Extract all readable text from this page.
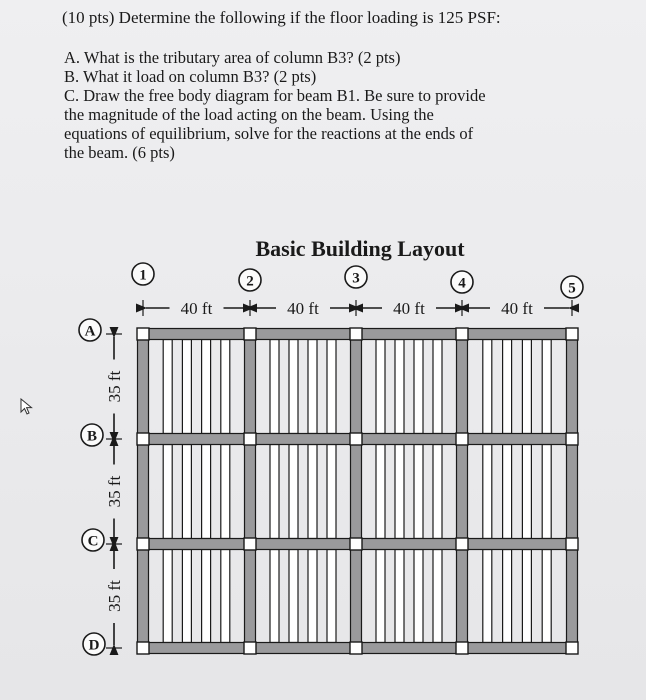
(10 pts) Determine the following if the floor loading is 125 PSF:
A. What is the tributary area of column B3? (2 pts)
B. What it load on column B3? (2 pts)
C. Draw the free body diagram for beam B1. Be sure to provide
the magnitude of the load acting on the beam. Using the
equations of equilibrium, solve for the reactions at the ends of
the beam. (6 pts)
Basic Building Layout
40 ft	40 ft	40 ft	40 ft
35 ft
35 ft
35 ft
1	2	3	4	5
A
B
C
D
